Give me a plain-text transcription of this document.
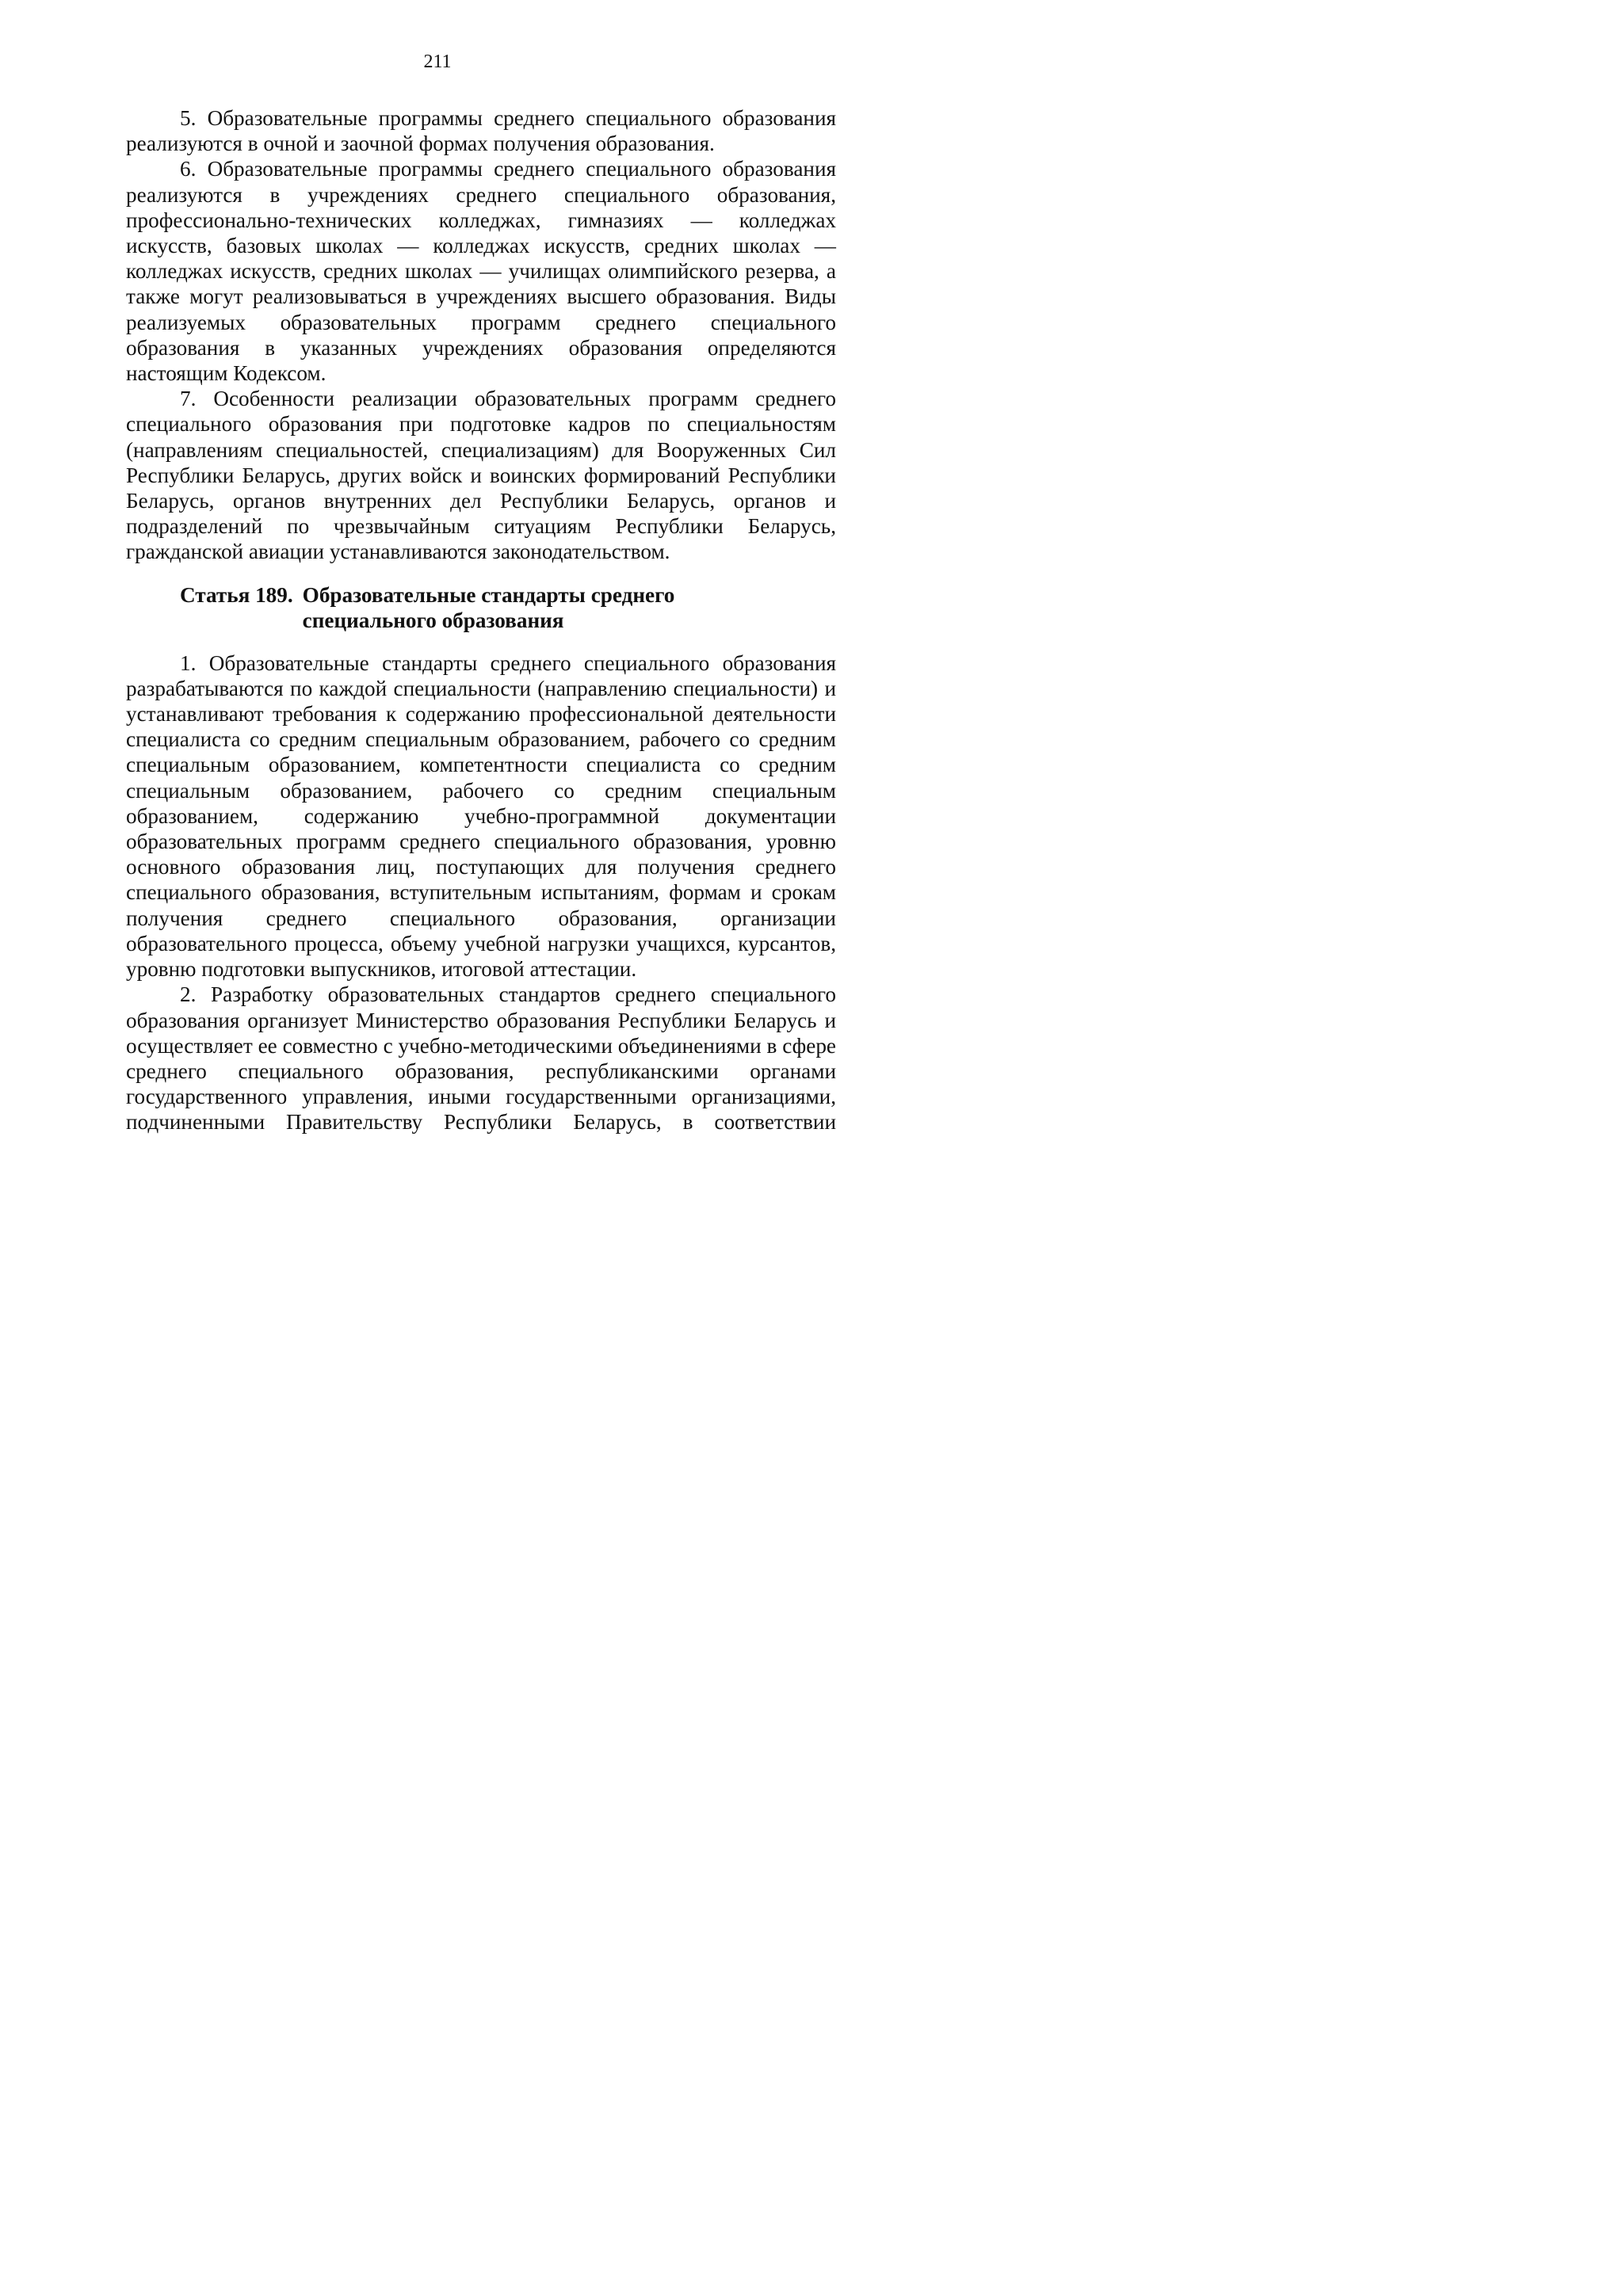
211

5. Образовательные программы среднего специального образования реализуются в очной и заочной формах получения образования.

6. Образовательные программы среднего специального образования реализуются в учреждениях среднего специального образования, профессионально-технических колледжах, гимназиях — колледжах искусств, базовых школах — колледжах искусств, средних школах — колледжах искусств, средних школах — училищах олимпийского резерва, а также могут реализовываться в учреждениях высшего образования. Виды реализуемых образовательных программ среднего специального образования в указанных учреждениях образования определяются настоящим Кодексом.

7. Особенности реализации образовательных программ среднего специального образования при подготовке кадров по специальностям (направлениям специальностей, специализациям) для Вооруженных Сил Республики Беларусь, других войск и воинских формирований Республики Беларусь, органов внутренних дел Республики Беларусь, органов и подразделений по чрезвычайным ситуациям Республики Беларусь, гражданской авиации устанавливаются законодательством.

Статья 189. Образовательные стандарты среднего
специального образования

1. Образовательные стандарты среднего специального образования разрабатываются по каждой специальности (направлению специальности) и устанавливают требования к содержанию профессиональной деятельности специалиста со средним специальным образованием, рабочего со средним специальным образованием, компетентности специалиста со средним специальным образованием, рабочего со средним специальным образованием, содержанию учебно-программной документации образовательных программ среднего специального образования, уровню основного образования лиц, поступающих для получения среднего специального образования, вступительным испытаниям, формам и срокам получения среднего специального образования, организации образовательного процесса, объему учебной нагрузки учащихся, курсантов, уровню подготовки выпускников, итоговой аттестации.

2. Разработку образовательных стандартов среднего специального образования организует Министерство образования Республики Беларусь и осуществляет ее совместно с учебно-методическими объединениями в сфере среднего специального образования, республиканскими органами государственного управления, иными государственными организациями, подчиненными Правительству Республики Беларусь, в соответствии
